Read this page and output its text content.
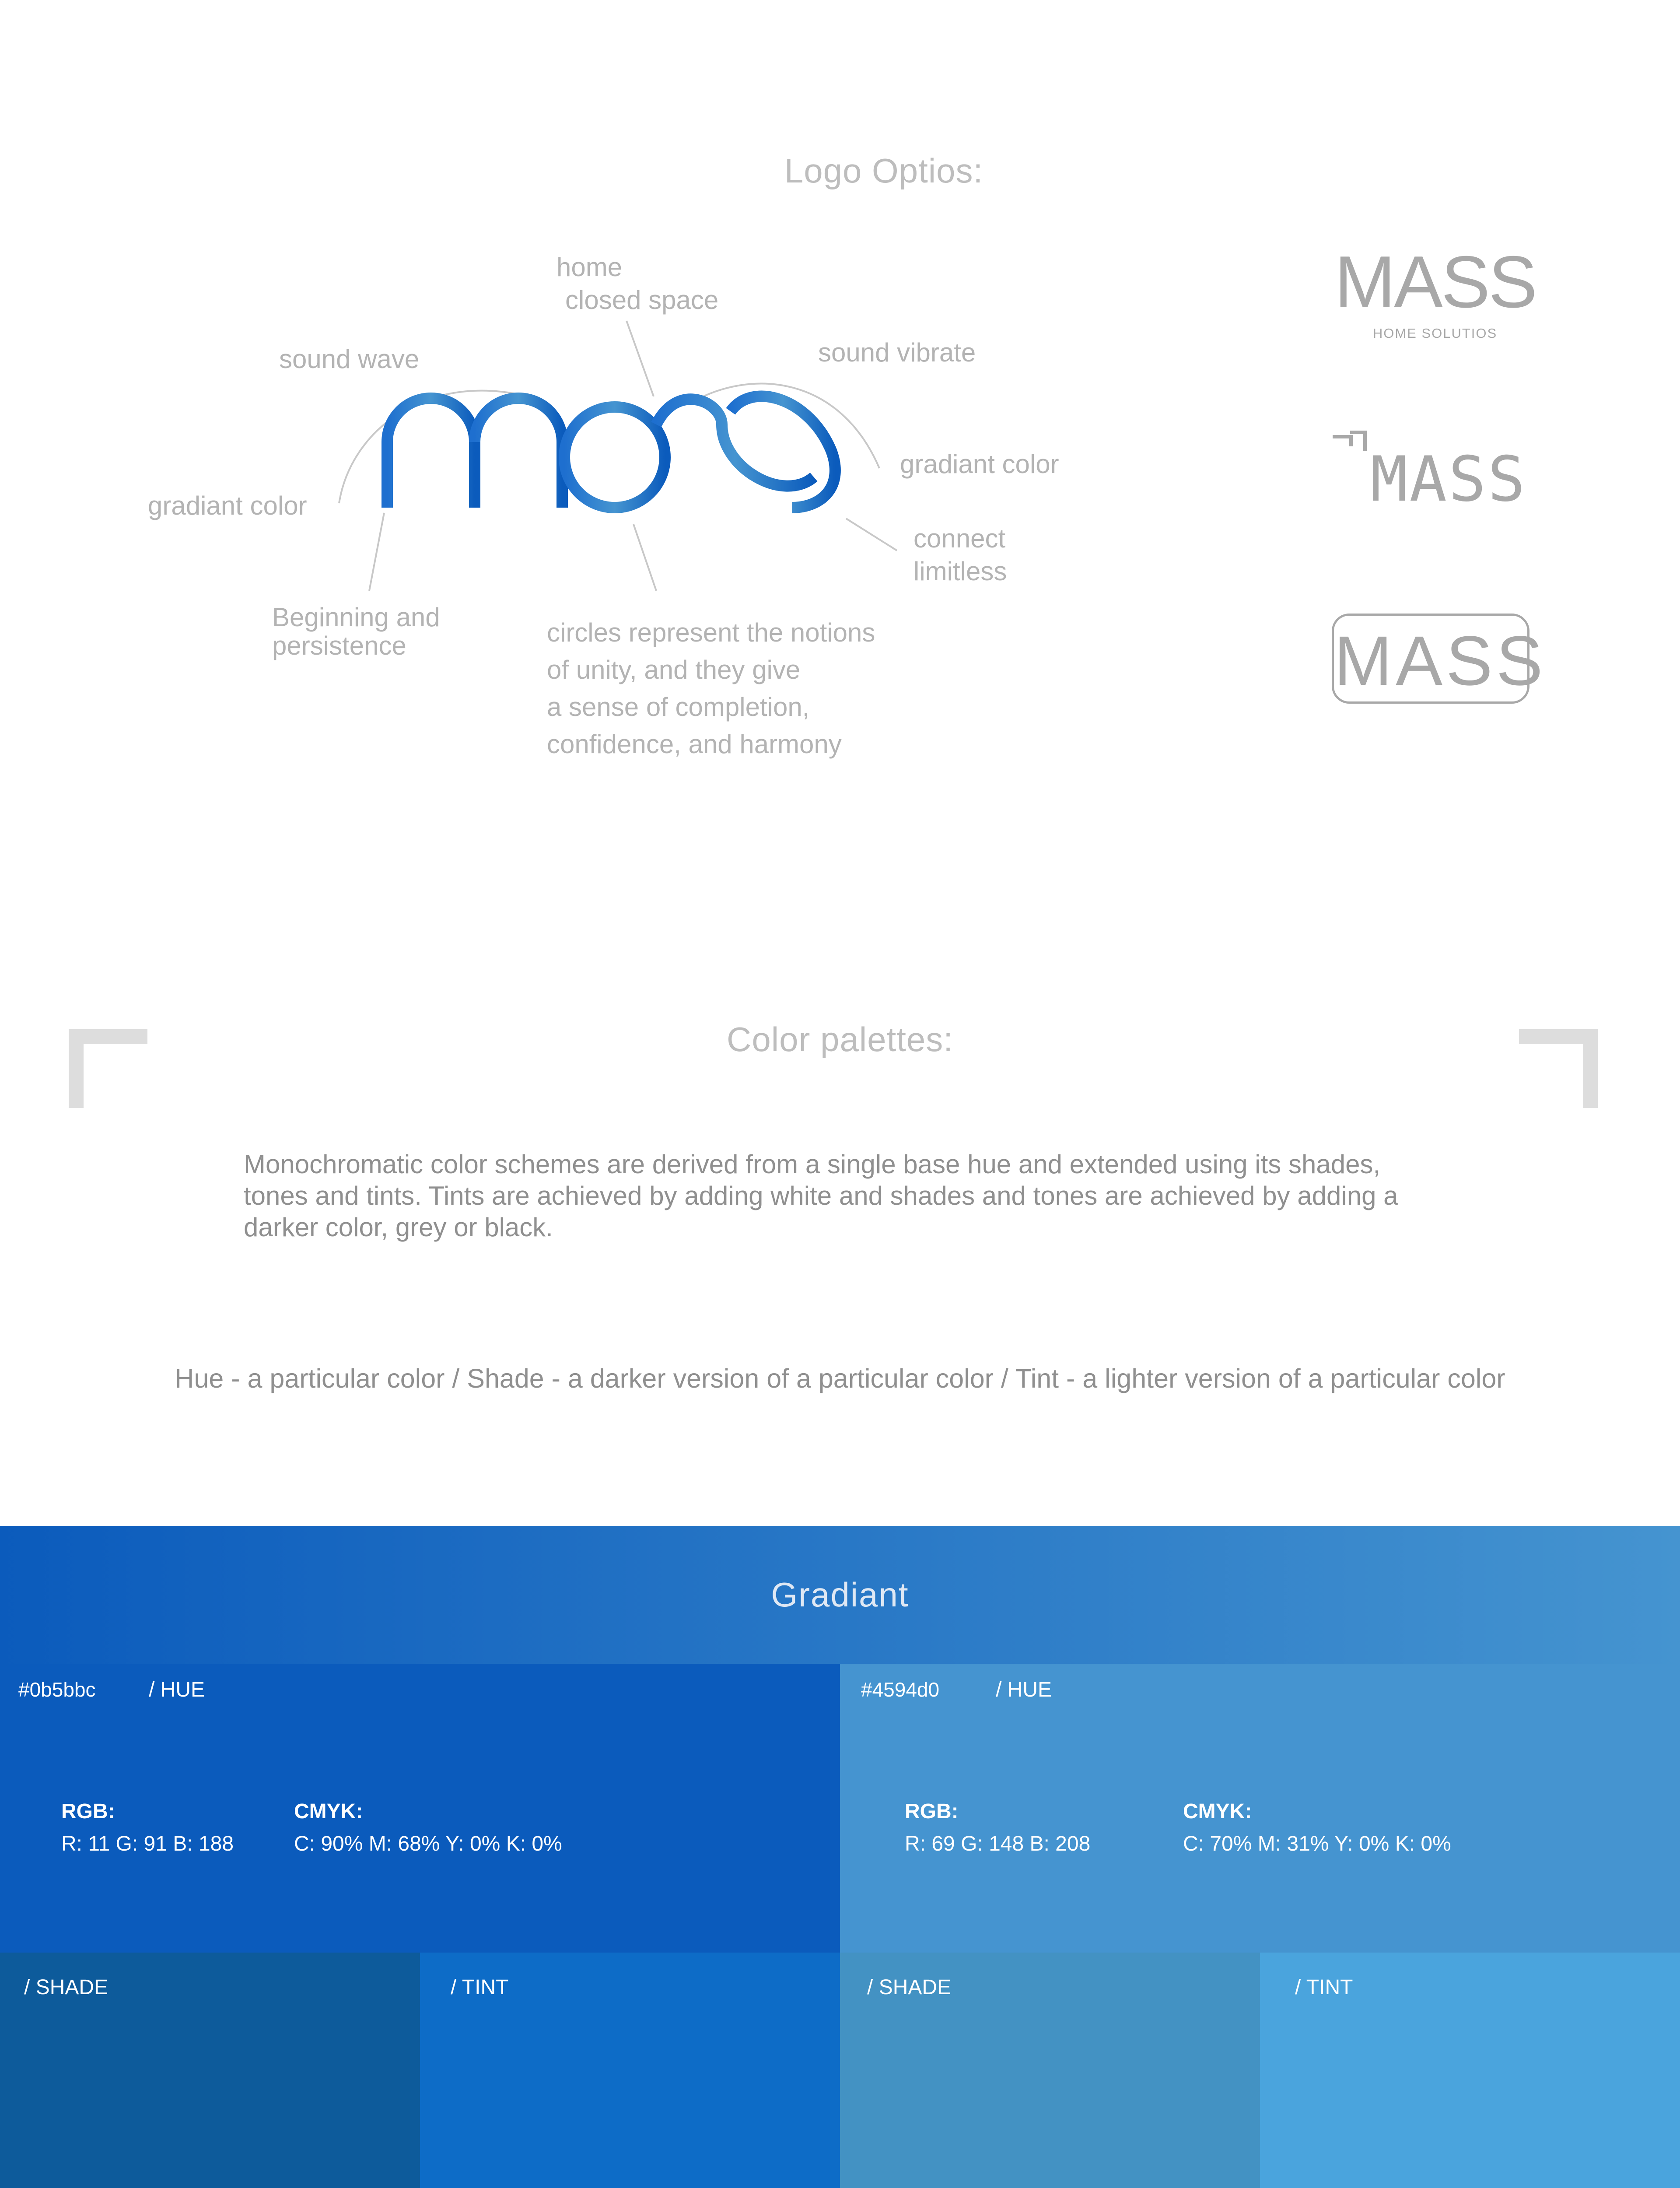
Logo Optios:
home
closed space
sound wave	sound vibrate
gradiant color
gradiant color
connect
limitless
Beginning and
persistence	circles represent the notions
of unity, and they give
a sense of completion,
confidence, and harmony
MASS
HOME SOLUTIOS
MASS
MASS
Color palettes:
Monochromatic color schemes are derived from a single base hue and extended using its shades, tones and tints. Tints are achieved by adding white and shades and tones are achieved by adding a darker color, grey or black.
Hue - a particular color / Shade - a darker version of a particular color / Tint - a lighter version of a particular color
Gradiant
#0b5bbc	/ HUE
RGB:
R: 11 G: 91 B: 188
CMYK:
C: 90% M: 68% Y: 0% K: 0%
#4594d0	/ HUE
RGB:
R: 69 G: 148 B: 208
CMYK:
C: 70% M: 31% Y: 0% K: 0%
/ SHADE	/ TINT	/ SHADE	/ TINT
